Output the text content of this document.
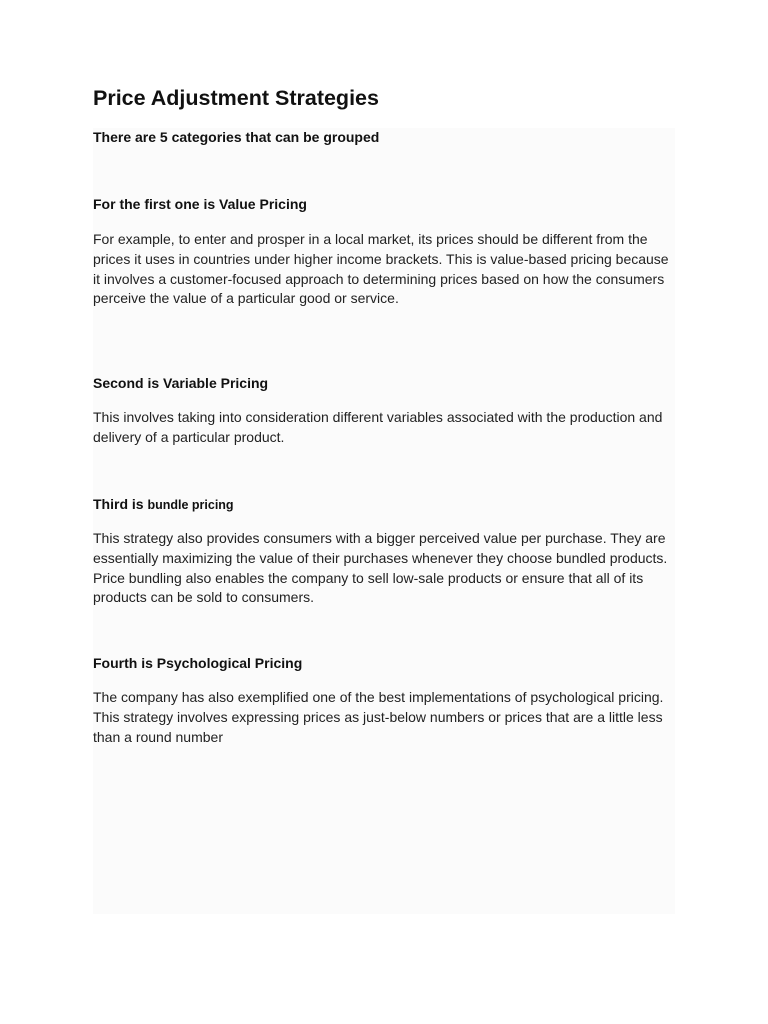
Price Adjustment Strategies

There are 5 categories that can be grouped

For the first one is Value Pricing

For example, to enter and prosper in a local market, its prices should be different from the prices it uses in countries under higher income brackets. This is value-based pricing because it involves a customer-focused approach to determining prices based on how the consumers perceive the value of a particular good or service.

Second is Variable Pricing

This involves taking into consideration different variables associated with the production and delivery of a particular product.

Third is bundle pricing

This strategy also provides consumers with a bigger perceived value per purchase. They are essentially maximizing the value of their purchases whenever they choose bundled products. Price bundling also enables the company to sell low-sale products or ensure that all of its products can be sold to consumers.

Fourth is Psychological Pricing

The company has also exemplified one of the best implementations of psychological pricing. This strategy involves expressing prices as just-below numbers or prices that are a little less than a round number
